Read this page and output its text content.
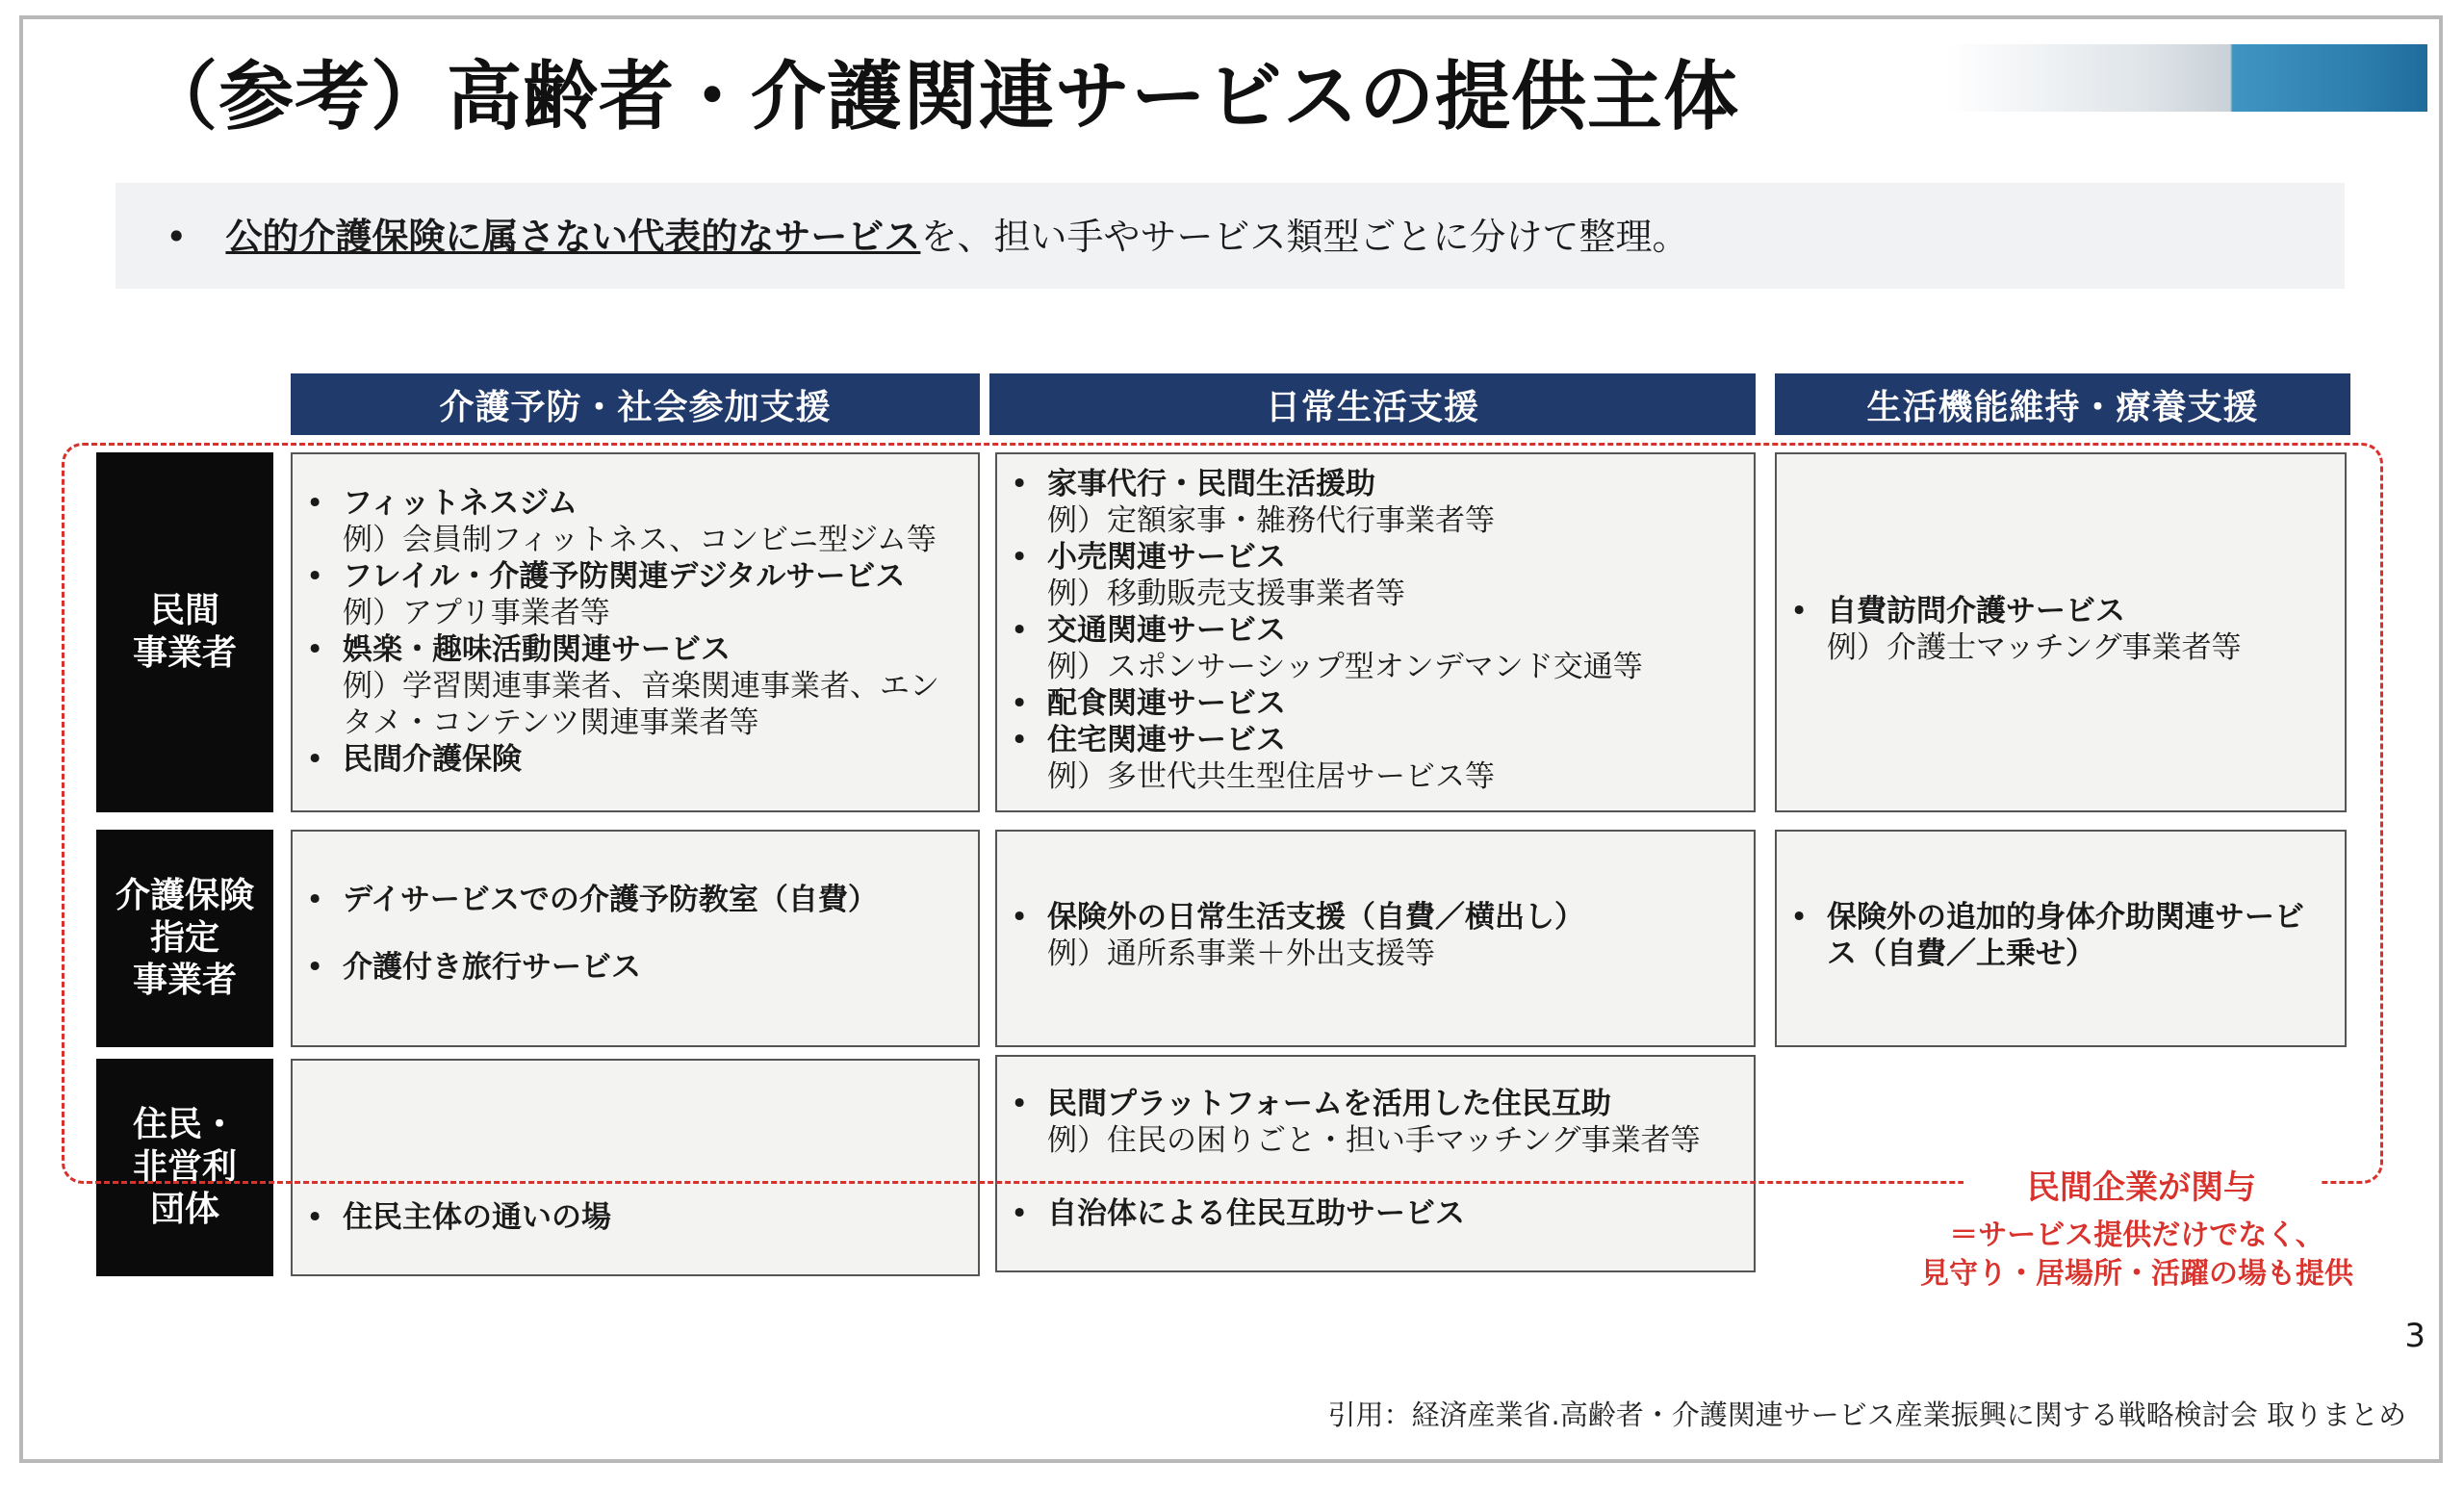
（参考）高齢者・介護関連サービスの提供主体
• 公的介護保険に属さない代表的なサービスを、担い手やサービス類型ごとに分けて整理。
介護予防・社会参加支援	日常生活支援	生活機能維持・療養支援
民間
事業者
介護保険
指定
事業者
住民・
非営利
団体
• フィットネスジム
例）会員制フィットネス、コンビニ型ジム等
• フレイル・介護予防関連デジタルサービス
例）アプリ事業者等
• 娯楽・趣味活動関連サービス
例）学習関連事業者、音楽関連事業者、エン
タメ・コンテンツ関連事業者等
• 民間介護保険
• 家事代行・民間生活援助
例）定額家事・雑務代行事業者等
• 小売関連サービス
例）移動販売支援事業者等
• 交通関連サービス
例）スポンサーシップ型オンデマンド交通等
• 配食関連サービス
• 住宅関連サービス
例）多世代共生型住居サービス等
• 自費訪問介護サービス
例）介護士マッチング事業者等
• デイサービスでの介護予防教室（自費）
• 介護付き旅行サービス
• 保険外の日常生活支援（自費／横出し）
例）通所系事業＋外出支援等
• 保険外の追加的身体介助関連サービ
ス（自費／上乗せ）
• 住民主体の通いの場
• 民間プラットフォームを活用した住民互助
例）住民の困りごと・担い手マッチング事業者等
• 自治体による住民互助サービス
民間企業が関与
＝サービス提供だけでなく、
見守り・居場所・活躍の場も提供
3
引用：経済産業省.高齢者・介護関連サービス産業振興に関する戦略検討会 取りまとめ
